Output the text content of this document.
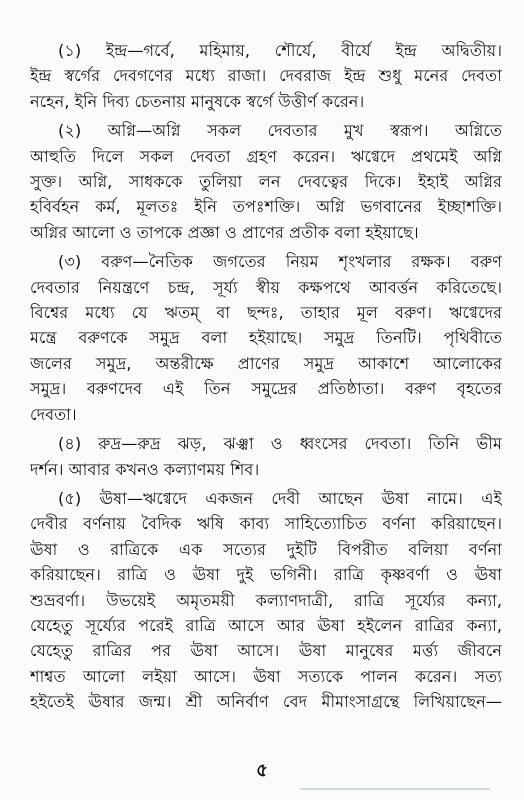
(১) ইন্দ্র—গর্বে, মহিমায়, শৌর্যে, বীর্যে ইন্দ্র অদ্বিতীয়।
ইন্দ্র স্বর্গের দেবগণের মধ্যে রাজা। দেবরাজ ইন্দ্র শুধু মনের দেবতা
নহেন, ইনি দিব্য চেতনায় মানুষকে স্বর্গে উত্তীর্ণ করেন।
(২) অগ্নি—অগ্নি সকল দেবতার মুখ স্বরূপ। অগ্নিতে
আহুতি দিলে সকল দেবতা গ্রহণ করেন। ঋগ্বেদে প্রথমেই অগ্নি
সুক্ত। অগ্নি, সাধককে তুলিয়া লন দেবত্বের দিকে। ইহাই অগ্নির
হবির্বহন কর্ম, মূলতঃ ইনি তপঃশক্তি। অগ্নি ভগবানের ইচ্ছাশক্তি।
অগ্নির আলো ও তাপকে প্রজ্ঞা ও প্রাণের প্রতীক বলা হইয়াছে।
(৩) বরুণ—নৈতিক জগতের নিয়ম শৃংখলার রক্ষক। বরুণ
দেবতার নিয়ন্ত্রণে চন্দ্র, সূর্য্য স্বীয় কক্ষপথে আবর্ত্তন করিতেছে।
বিশ্বের মধ্যে যে ঋতম্ বা ছন্দঃ, তাহার মূল বরুণ। ঋগ্বেদের
মন্ত্রে বরুণকে সমুদ্র বলা হইয়াছে। সমুদ্র তিনটি। পৃথিবীতে
জলের সমুদ্র, অন্তরীক্ষে প্রাণের সমুদ্র আকাশে আলোকের
সমুদ্র। বরুণদেব এই তিন সমুদ্রের প্রতিষ্ঠাতা। বরুণ বৃহতের
দেবতা।
(৪) রুদ্র—রুদ্র ঝড়, ঝঞ্ঝা ও ধ্বংসের দেবতা। তিনি ভীম
দর্শন। আবার কখনও কল্যাণময় শিব।
(৫) ঊষা—ঋগ্বেদে একজন দেবী আছেন ঊষা নামে। এই
দেবীর বর্ণনায় বৈদিক ঋষি কাব্য সাহিত্যোচিত বর্ণনা করিয়াছেন।
ঊষা ও রাত্রিকে এক সত্যের দুইটি বিপরীত বলিয়া বর্ণনা
করিয়াছেন। রাত্রি ও ঊষা দুই ভগিনী। রাত্রি কৃষ্ণবর্ণা ও ঊষা
শুভ্রবর্ণা। উভয়েই অমৃতময়ী কল্যাণদাত্রী, রাত্রি সূর্য্যের কন্যা,
যেহেতু সূর্য্যের পরেই রাত্রি আসে আর ঊষা হইলেন রাত্রির কন্যা,
যেহেতু রাত্রির পর ঊষা আসে। ঊষা মানুষের মর্ত্ত্য জীবনে
শাশ্বত আলো লইয়া আসে। ঊষা সত্যকে পালন করেন। সত্য
হইতেই ঊষার জন্ম। শ্রী অনির্বাণ বেদ মীমাংসাগ্রন্থে লিখিয়াছেন—
৫
